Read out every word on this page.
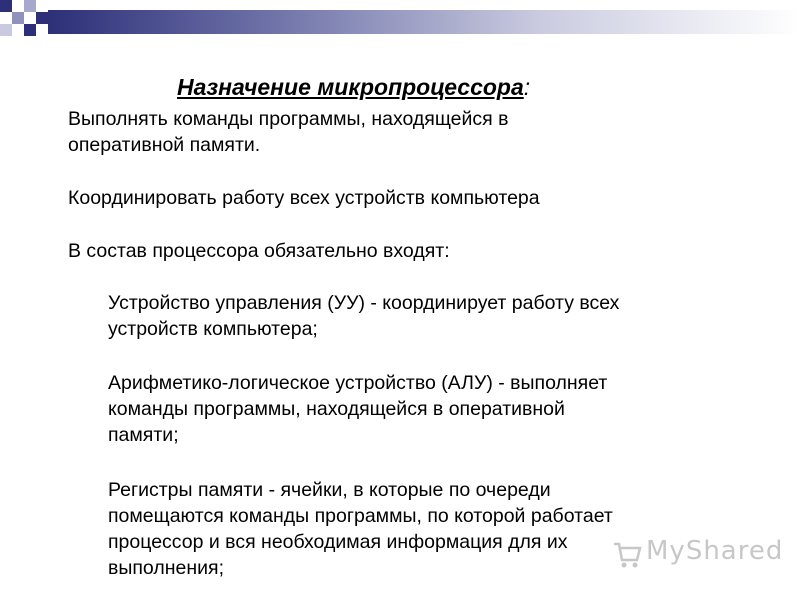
Назначение микропроцессора:
Выполнять команды программы, находящейся в
оперативной памяти.
Координировать работу всех устройств компьютера
В состав процессора обязательно входят:
Устройство управления (УУ) - координирует работу всех
устройств компьютера;
Арифметико-логическое устройство (АЛУ) - выполняет
команды программы, находящейся в оперативной
памяти;
Регистры памяти - ячейки, в которые по очереди
помещаются команды программы, по которой работает
процессор и вся необходимая информация для их
выполнения;
MyShared
